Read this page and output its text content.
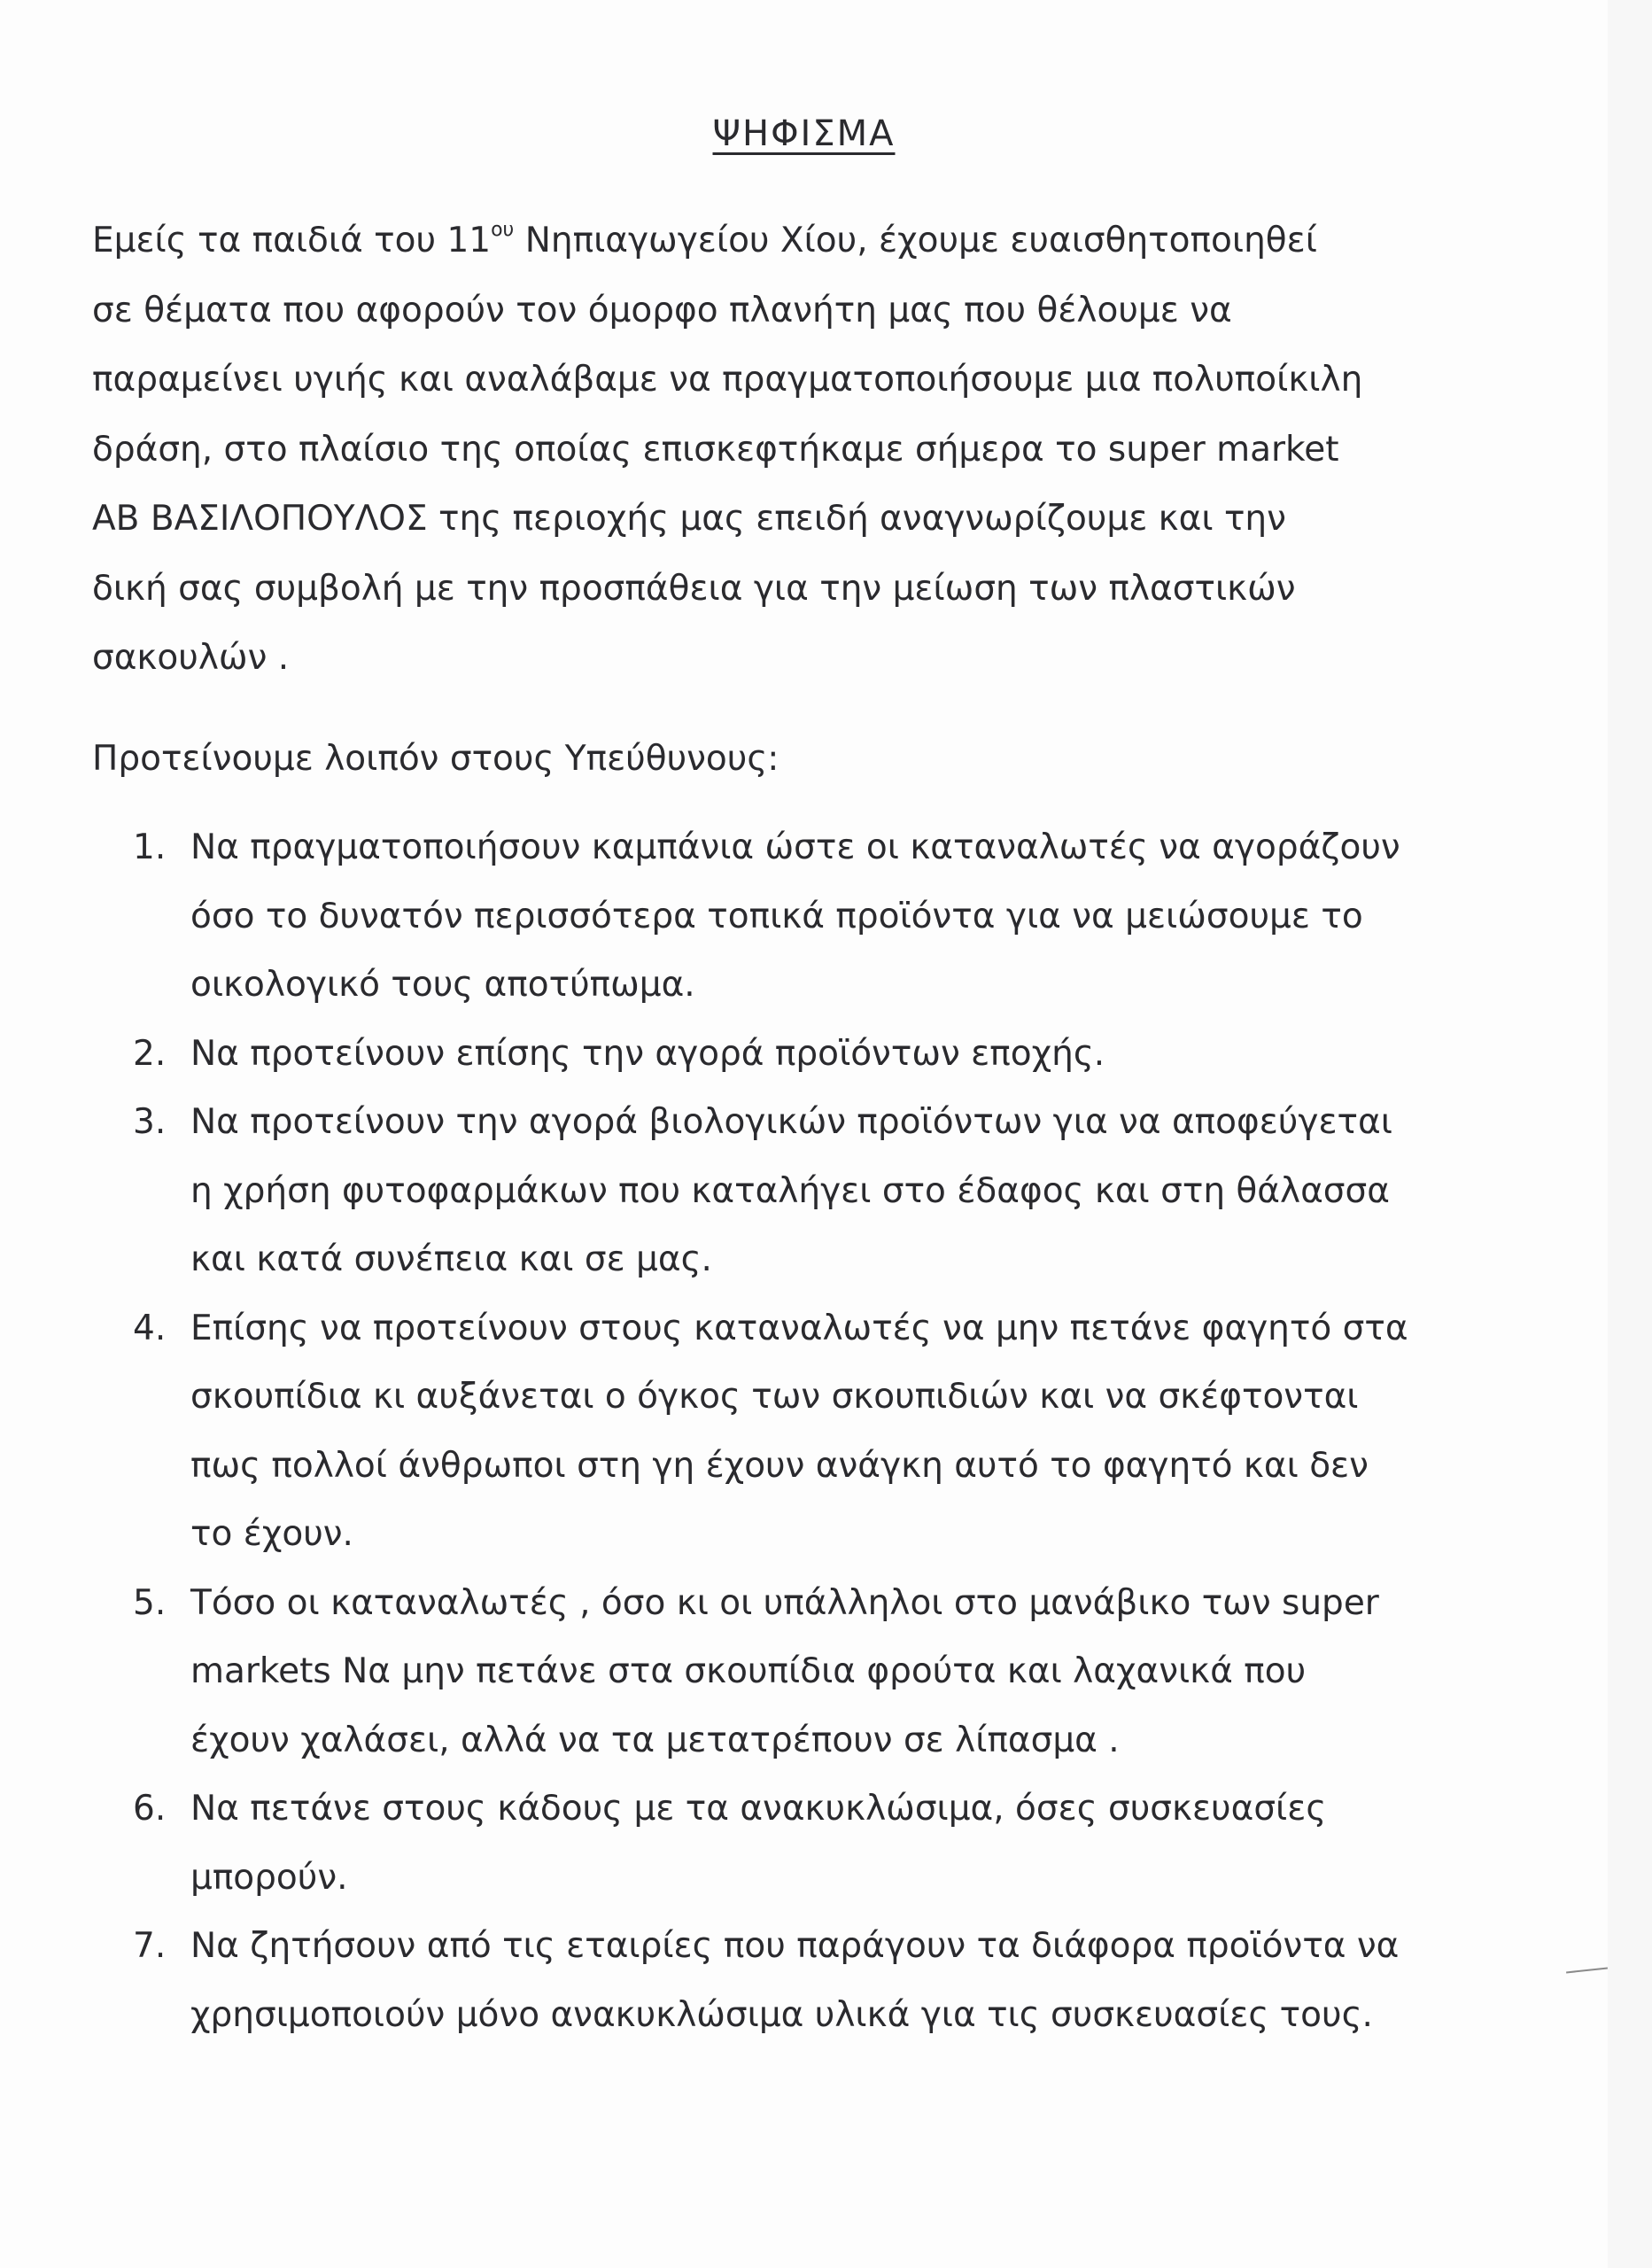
ΨΗΦΙΣΜΑ

Εμείς τα παιδιά του $11^{o\upsilon}$ Νηπιαγωγείου Χίου, έχουμε ευαισθητοποιηθεί
σε θέματα που αφορούν τον όμορφο πλανήτη μας που θέλουμε να
παραμείνει υγιής και αναλάβαμε να πραγματοποιήσουμε μια πολυποίκιλη
δράση, στο πλαίσιο της οποίας επισκεφτήκαμε σήμερα το super market
ΑΒ ΒΑΣΙΛΟΠΟΥΛΟΣ της περιοχής μας επειδή αναγνωρίζουμε και την
δική σας συμβολή με την προσπάθεια για την μείωση των πλαστικών
σακουλών .

Προτείνουμε λοιπόν στους Υπεύθυνους:

1. Να πραγματοποιήσουν καμπάνια ώστε οι καταναλωτές να αγοράζουν
όσο το δυνατόν περισσότερα τοπικά προϊόντα για να μειώσουμε το
οικολογικό τους αποτύπωμα.
2. Να προτείνουν επίσης την αγορά προϊόντων εποχής.
3. Να προτείνουν την αγορά βιολογικών προϊόντων για να αποφεύγεται
η χρήση φυτοφαρμάκων που καταλήγει στο έδαφος και στη θάλασσα
και κατά συνέπεια και σε μας.
4. Επίσης να προτείνουν στους καταναλωτές να μην πετάνε φαγητό στα
σκουπίδια κι αυξάνεται ο όγκος των σκουπιδιών και να σκέφτονται
πως πολλοί άνθρωποι στη γη έχουν ανάγκη αυτό το φαγητό και δεν
το έχουν.
5. Τόσο οι καταναλωτές , όσο κι οι υπάλληλοι στο μανάβικο των super
markets Να μην πετάνε στα σκουπίδια φρούτα και λαχανικά που
έχουν χαλάσει, αλλά να τα μετατρέπουν σε λίπασμα .
6. Να πετάνε στους κάδους με τα ανακυκλώσιμα, όσες συσκευασίες
μπορούν.
7. Να ζητήσουν από τις εταιρίες που παράγουν τα διάφορα προϊόντα να
χρησιμοποιούν μόνο ανακυκλώσιμα υλικά για τις συσκευασίες τους.
